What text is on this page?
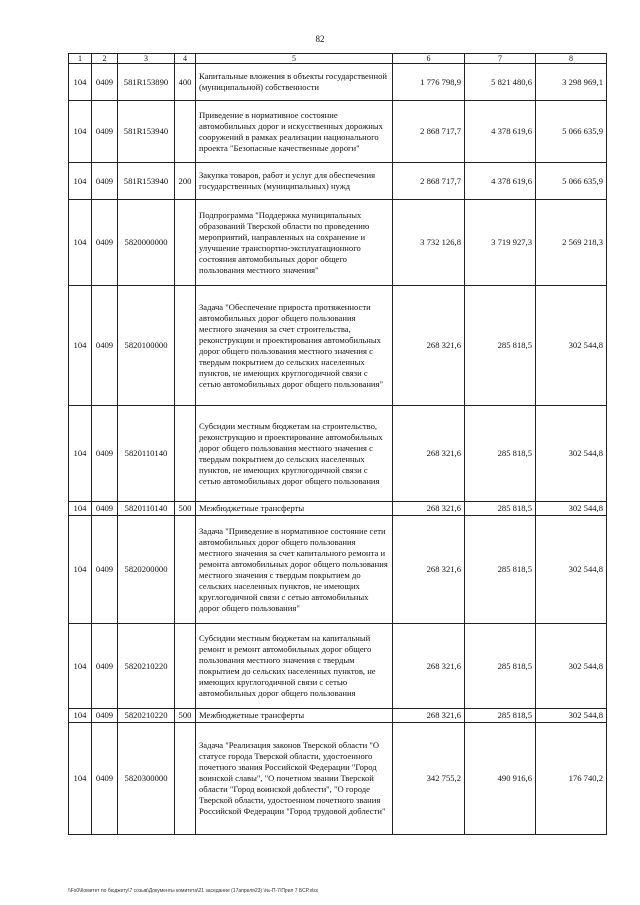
82
1	2	3	4	5	6	7	8
104	0409	581R153890	400	Капитальные вложения в объекты государственной (муниципальной) собственности	1 776 798,9	5 821 480,6	3 298 969,1
104	0409	581R153940		Приведение в нормативное состояние автомобильных дорог и искусственных дорожных сооружений в рамках реализации национального проекта "Безопасные качественные дороги"	2 868 717,7	4 378 619,6	5 066 635,9
104	0409	581R153940	200	Закупка товаров, работ и услуг для обеспечения государственных (муниципальных) нужд	2 868 717,7	4 378 619,6	5 066 635,9
104	0409	5820000000		Подпрограмма "Поддержка муниципальных образований Тверской области по проведению мероприятий, направленных на сохранение и улучшение транспортно-эксплуатационного состояния автомобильных дорог общего пользования местного значения"	3 732 126,8	3 719 927,3	2 569 218,3
104	0409	5820100000		Задача "Обеспечение прироста протяженности автомобильных дорог общего пользования местного значения за счет строительства, реконструкции и проектирования автомобильных дорог общего пользования местного значения с твердым покрытием до сельских населенных пунктов, не имеющих круглогодичной связи с сетью автомобильных дорог общего пользования"	268 321,6	285 818,5	302 544,8
104	0409	5820110140		Субсидии местным бюджетам на строительство, реконструкцию и проектирование автомобильных дорог общего пользования местного значения с твердым покрытием до сельских населенных пунктов, не имеющих круглогодичной связи с сетью автомобильных дорог общего пользования	268 321,6	285 818,5	302 544,8
104	0409	5820110140	500	Межбюджетные трансферты	268 321,6	285 818,5	302 544,8
104	0409	5820200000		Задача "Приведение в нормативное состояние сети автомобильных дорог общего пользования местного значения за счет капитального ремонта и ремонта автомобильных дорог общего пользования местного значения с твердым покрытием до сельских населенных пунктов, не имеющих круглогодичной связи с сетью автомобильных дорог общего пользования"	268 321,6	285 818,5	302 544,8
104	0409	5820210220		Субсидии местным бюджетам на капитальный ремонт и ремонт автомобильных дорог общего пользования местного значения с твердым покрытием до сельских населенных пунктов, не имеющих круглогодичной связи с сетью автомобильных дорог общего пользования	268 321,6	285 818,5	302 544,8
104	0409	5820210220	500	Межбюджетные трансферты	268 321,6	285 818,5	302 544,8
104	0409	5820300000		Задача "Реализация законов Тверской области "О статусе города Тверской области, удостоенного почетного звания Российской Федерации "Город воинской славы", "О почетном звании Тверской области "Город воинской доблести", "О городе Тверской области, удостоенном почетного звания Российской Федерации "Город трудовой доблести"	342 755,2	490 916,6	176 740,2
\\Fs0\Комитет по бюджету\7 созыв\Документы комитета\21 заседание (17апреля23) \№-П-7\Прил 7 БСР.xlsx
